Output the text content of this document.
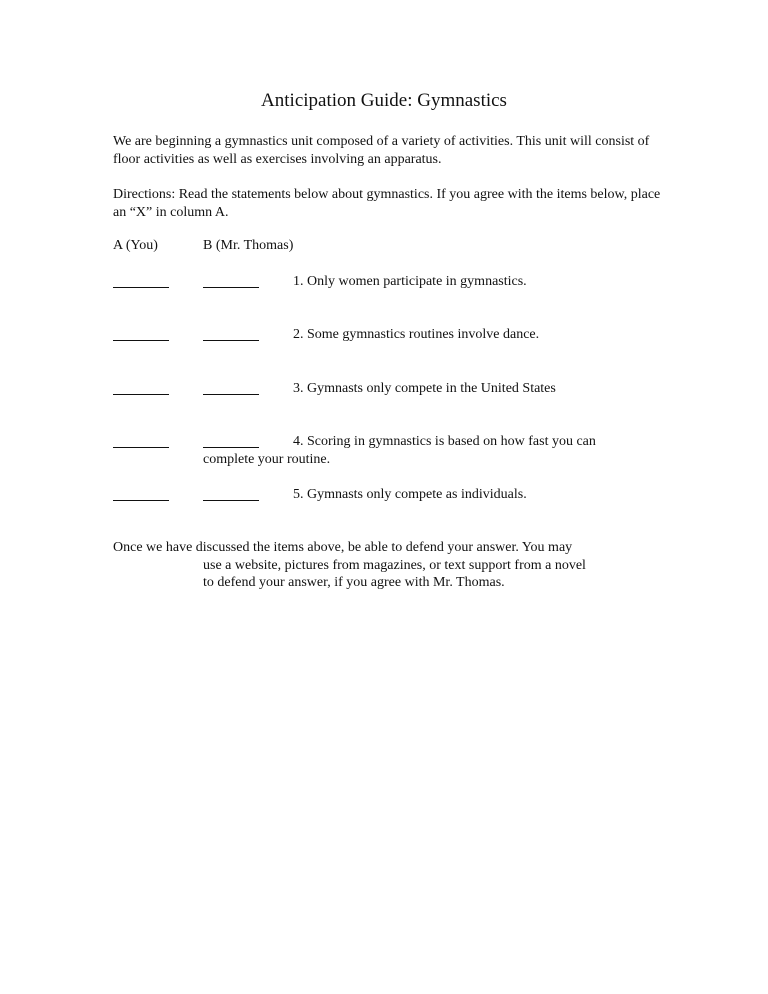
Anticipation Guide: Gymnastics
We are beginning a gymnastics unit composed of a variety of activities. This unit will consist of floor activities as well as exercises involving an apparatus.
Directions: Read the statements below about gymnastics. If you agree with the items below, place an “X” in column A.
A (You)	B (Mr. Thomas)
1. Only women participate in gymnastics.
2. Some gymnastics routines involve dance.
3. Gymnasts only compete in the United States
4. Scoring in gymnastics is based on how fast you can
complete your routine.
5. Gymnasts only compete as individuals.
Once we have discussed the items above, be able to defend your answer. You may
use a website, pictures from magazines, or text support from a novel
to defend your answer, if you agree with Mr. Thomas.
